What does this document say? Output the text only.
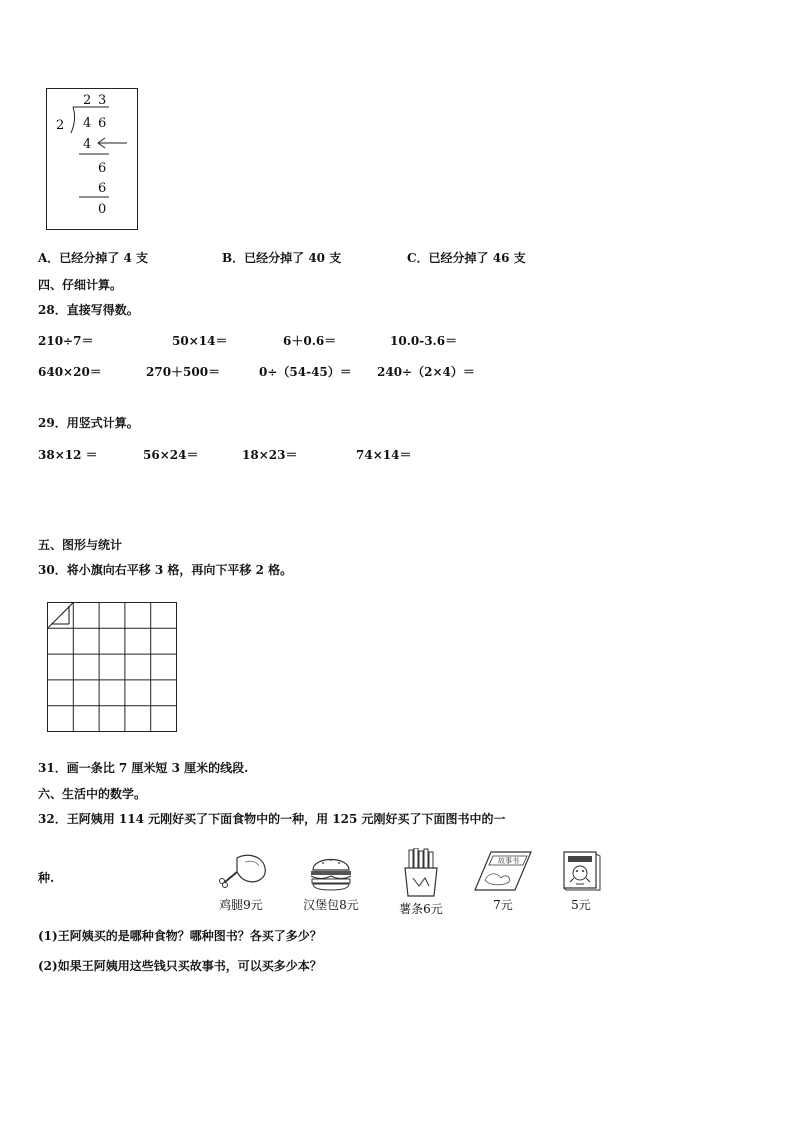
2 3
2 4 6
4
6
6
0
A．已经分掉了 4 支	B．已经分掉了 40 支	C．已经分掉了 46 支
四、仔细计算。
28．直接写得数。
210÷7＝	50×14＝	6＋0.6＝	10.0-3.6＝
640×20＝	270＋500＝	0÷（54-45）＝ 240÷（2×4）＝
29．用竖式计算。
38×12 ＝	56×24＝	18×23＝	74×14＝
五、图形与统计
30．将小旗向右平移 3 格，再向下平移 2 格。
31．画一条比 7 厘米短 3 厘米的线段.
六、生活中的数学。
32．王阿姨用 114 元刚好买了下面食物中的一种，用 125 元刚好买了下面图书中的一
种.
鸡腿9元	汉堡包8元	薯条6元
故事书
7元	5元
(1)王阿姨买的是哪种食物？哪种图书？各买了多少？
(2)如果王阿姨用这些钱只买故事书，可以买多少本？
